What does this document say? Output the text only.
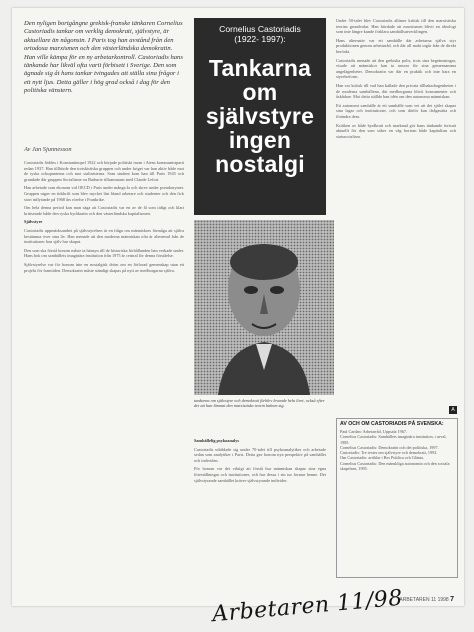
Den nyligen bortgångne grekisk-franske tänkaren Cornelius Castoriadis tankar om verklig demokrati, självstyre, är aktuellare än någonsin. I Paris tog han avstånd från den ortodoxa marxismen och den västerländska demokratin. Han ville kämpa för en ny arbetarkontroll. Castoriadis hans tänkande har likväl ofta varit förbisett i Sverige. Den som ägnade sig åt hans tankar tvingades att ställa sina frågor i ett nytt ljus. Detta gäller i hög grad också i dag för den politiska vänstern.
Av Jan Sjunnesson

Castoriadis föddes i Konstantinopel 1922 och började politiskt inom i Atens kommunistparti redan 1937. Han tillhörde den trotskistiska gruppen och under kriget var han aktiv både mot de tyska ockupanterna och mot stalinisterna. Som student kom han till Paris 1945 och grundade där gruppen Socialisme ou Barbarie tillsammans med Claude Lefort.

Han arbetade som ekonom vid OECD i Paris under många år och skrev under pseudonymer. Gruppen utgav en tidskrift som blev mycket läst bland arbetare och studenter och den fick stort inflytande på 1968 års rörelse i Frankrike.

Om hela denna period kan man säga att Castoriadis var en av de få som tidigt och klart kritiserade både den ryska byråkratin och den västerländska kapitalismen.

Självstyre

Castoriadis uppmärksamhet på självstyrelsen är en fråga om människors förmåga att själva bestämma över sina liv. Han menade att den moderna människan ofta är alienerad från de institutioner hon själv har skapat.

Den som ska förstå honom måste ta hänsyn till de historiska förhållanden han verkade under. Hans bok om samhällets imaginära institution från 1975 är central för denna förståelse.

Självstyrelse var för honom inte en nostalgisk dröm om en förlorad gemenskap utan ett projekt för framtiden. Demokratin måste ständigt skapas på nytt av medborgarna själva.

Cornelius Castoriadis
(1922- 1997):
Tankarna
om
självstyre
ingen
nostalgi
tankarna om självstyre och demokrati förblev levande hela livet, också efter det att han lämnat den marxistiska teorin bakom sig.

Samhällelig psykoanalys

Castoriadis utbildade sig under 70-talet till psykoanalytiker och arbetade sedan som analytiker i Paris. Detta gav honom nya perspektiv på samhället och individen.

För honom var det viktigt att förstå hur människan skapar sina egna föreställningar och institutioner, och hur dessa i sin tur formar henne. Det självstyrande samhället kräver självstyrande individer.

Under 50-talet blev Castoriadis alltmer kritisk till den marxistiska teorins grundvalar. Han hävdade att marxismen blivit en ideologi som inte längre kunde förklara samhällsutvecklingen.

Hans alternativ var ett samhälle där arbetarna själva styr produktionen genom arbetarråd, och där all makt utgår från de direkt berörda.

Castoriadis menade att den grekiska polis, trots sina begränsningar, visade att människor kan ta ansvar för sina gemensamma angelägenheter. Demokratin var där en praktik och inte bara en styrelseform.

Han var kritisk till vad han kallade den privata tillbakadragenheten i de moderna samhällena, där medborgarna blivit konsumenter och åskådare. Mot detta ställde han idén om den autonoma människan.

Ett autonomt samhälle är ett samhälle som vet att det självt skapar sina lagar och institutioner, och som därför kan ifrågasätta och förändra dem.

Kritiken av både byråkrati och marknad gör hans tänkande fortsatt aktuellt för den som söker en väg bortom både kapitalism och statssocialism.

A
AV OCH OM CASTORIADIS PÅ SVENSKA:
Paul Cardan: Arbetarråd, Uppsala 1967.
Cornelius Castoriadis: Samhällets imaginära institution, i urval, 1985.
Cornelius Castoriadis: Demokratin och det politiska, 1997.
Castoriadis: Tre texter om självstyre och demokrati, 1992.
Om Castoriadis: artiklar i Res Publica och Glänta.
Cornelius Castoriadis: Den mänskliga autonomin och den sociala skapelsen, 1995.
ARBETAREN 11 1998 7
Arbetaren 11/98
